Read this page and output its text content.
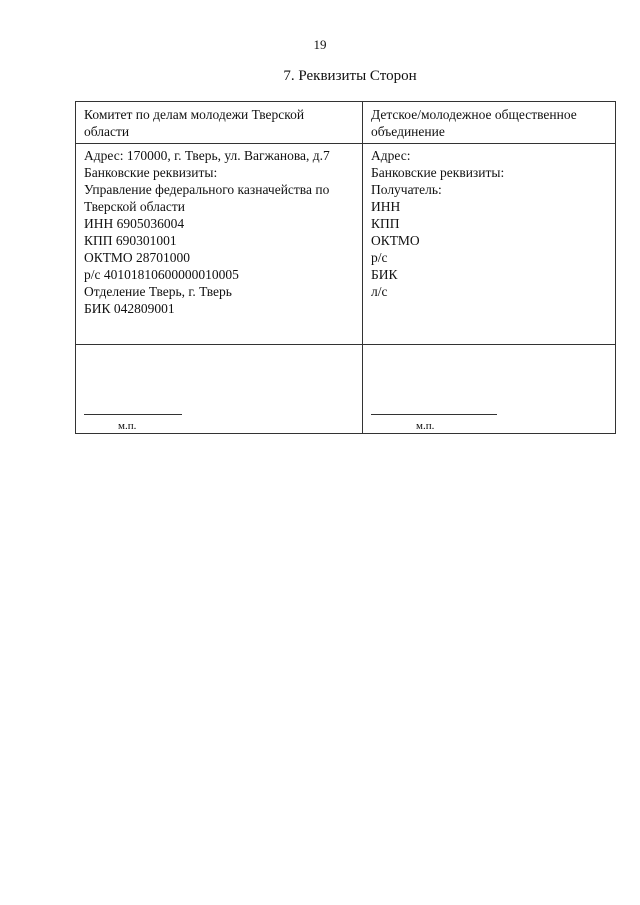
19
7. Реквизиты Сторон
Комитет по делам молодежи Тверской
области
Детское/молодежное общественное
объединение
Адрес: 170000, г. Тверь, ул. Вагжанова, д.7
Банковские реквизиты:
Управление федерального казначейства по
Тверской области
ИНН 6905036004
КПП 690301001
ОКТМО 28701000
р/с 40101810600000010005
Отделение Тверь, г. Тверь
БИК 042809001
Адрес:
Банковские реквизиты:
Получатель:
ИНН
КПП
ОКТМО
р/с
БИК
л/с
м.п.	м.п.
